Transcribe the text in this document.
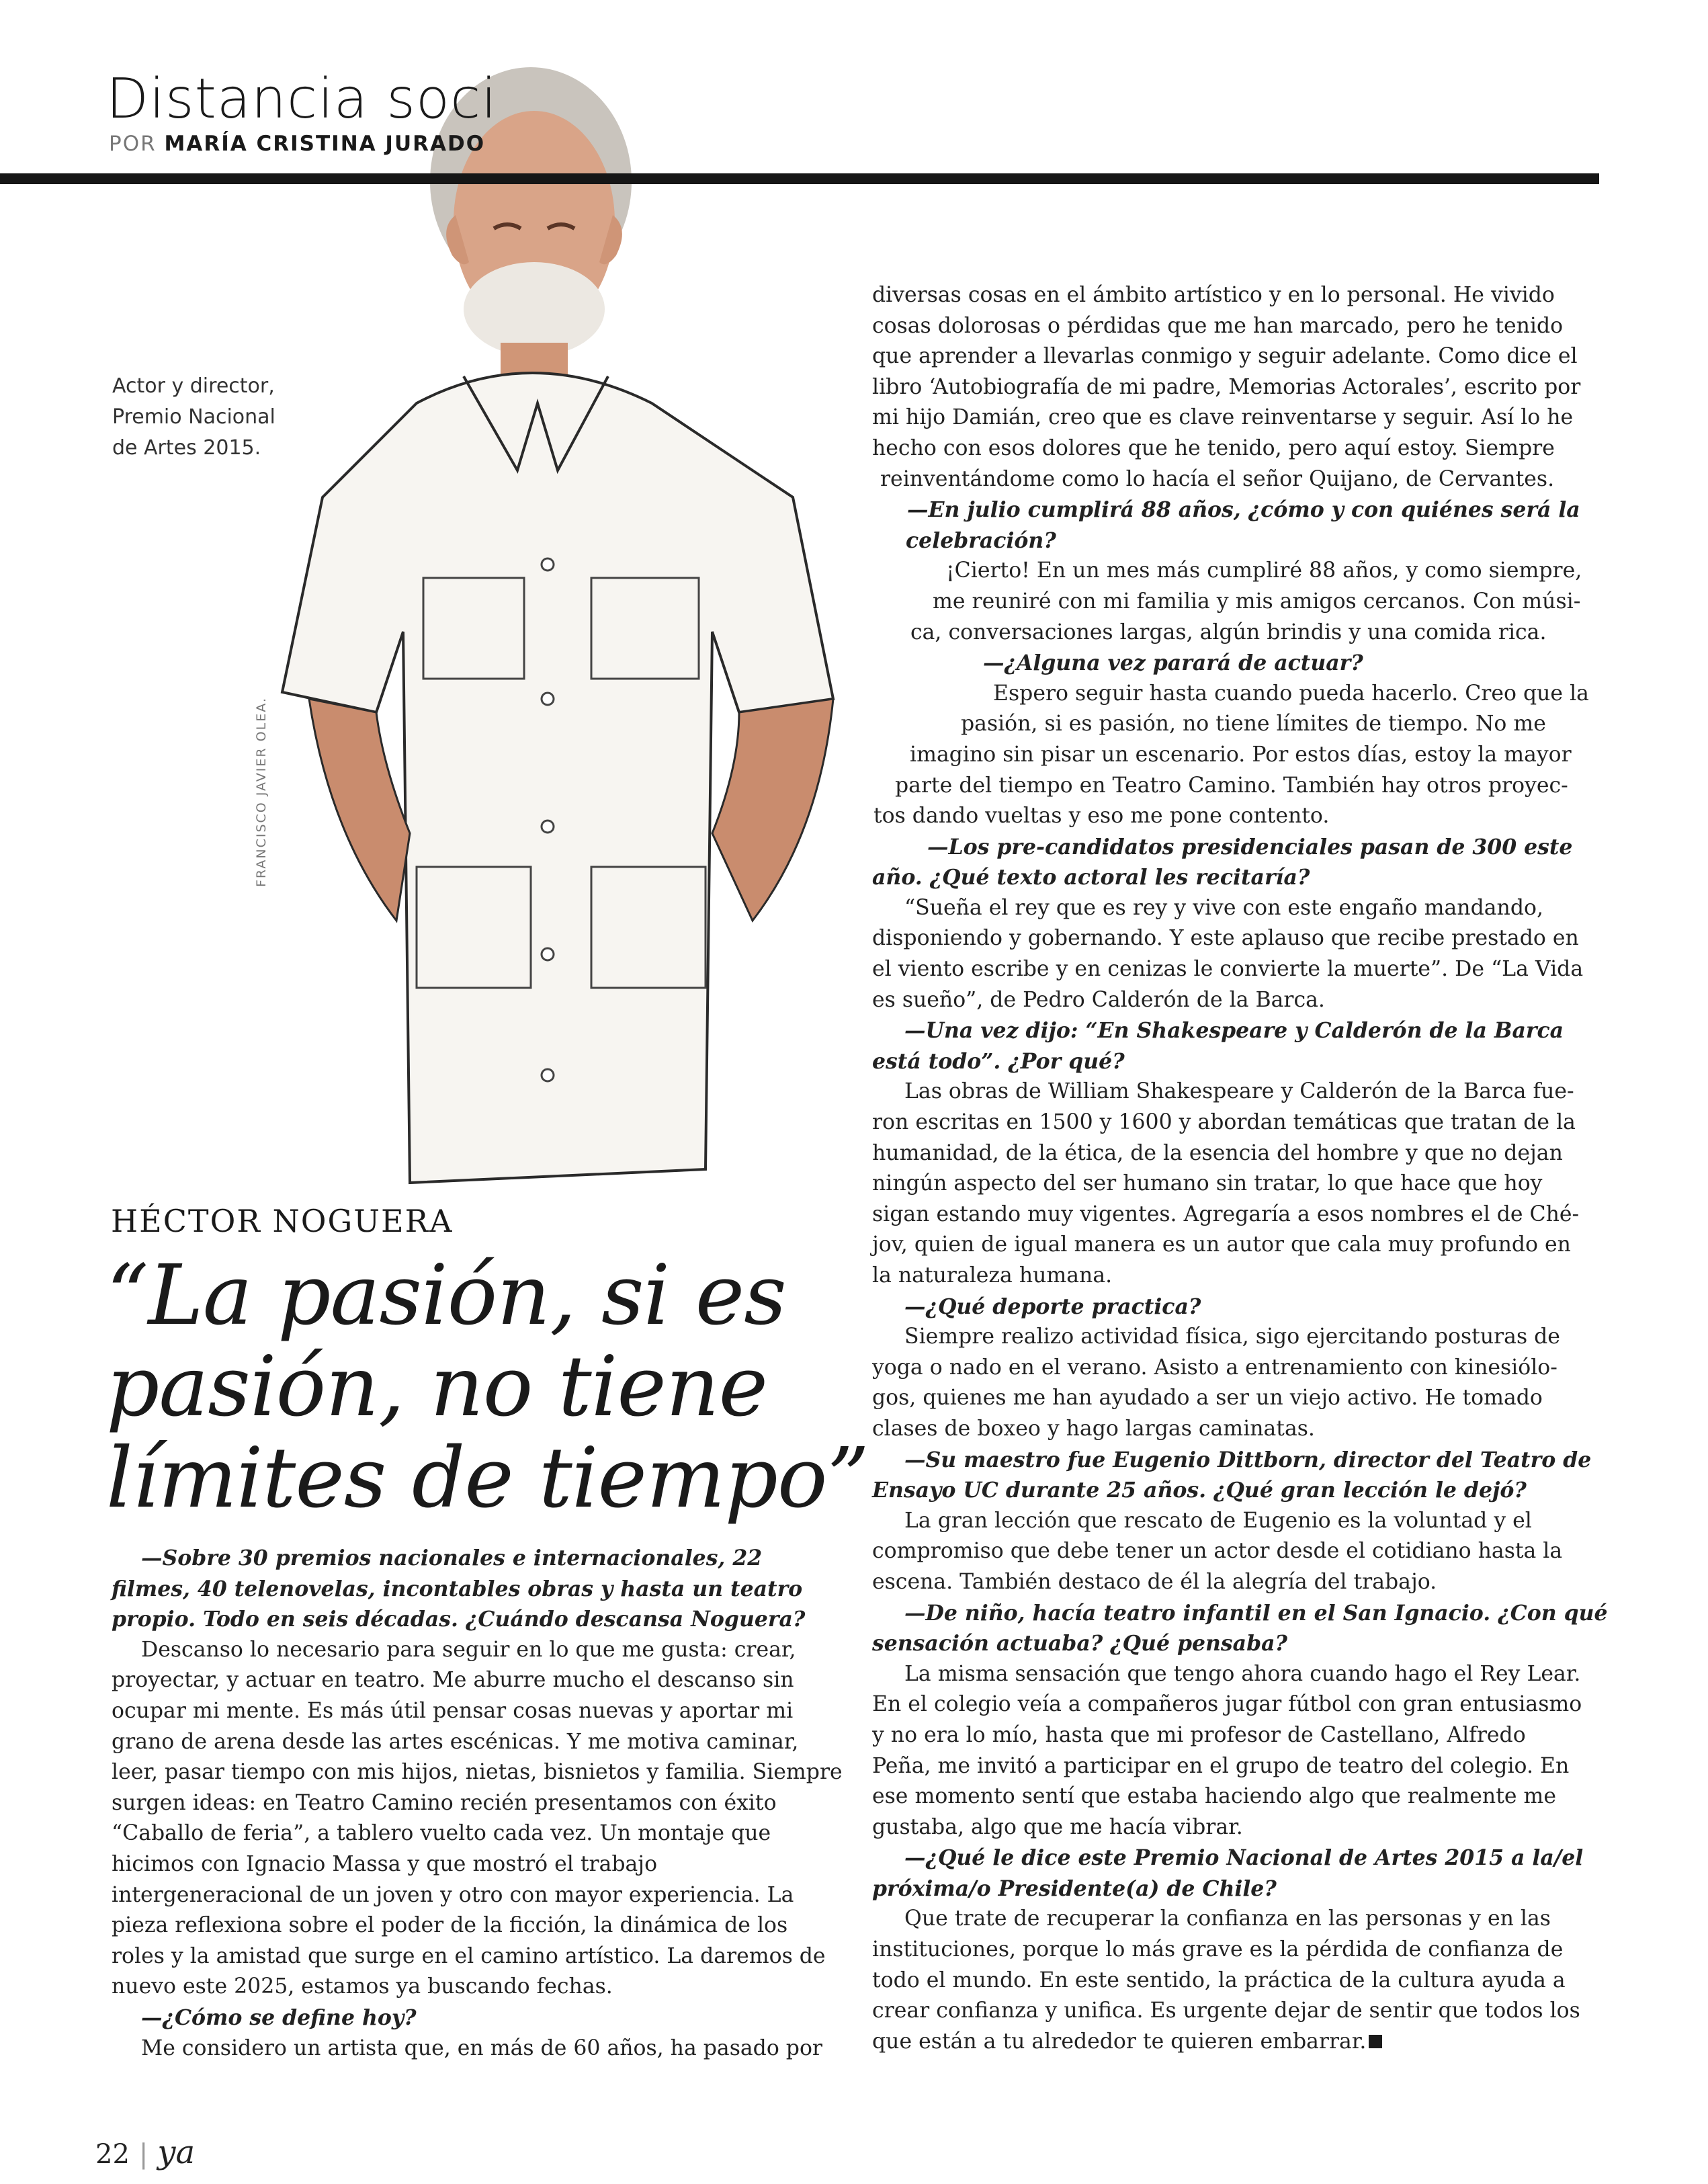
Distancia soci
POR MARÍA CRISTINA JURADO
Actor y director,
Premio Nacional
de Artes 2015.
FRANCISCO JAVIER OLEA.
HÉCTOR NOGUERA
“La pasión, si es
pasión, no tiene
límites de tiempo”

—Sobre 30 premios nacionales e internacionales, 22 filmes, 40 telenovelas, incontables obras y hasta un teatro propio. Todo en seis décadas. ¿Cuándo descansa Noguera?

Descanso lo necesario para seguir en lo que me gusta: crear, proyectar, y actuar en teatro. Me aburre mucho el descanso sin ocupar mi mente. Es más útil pensar cosas nuevas y aportar mi grano de arena desde las artes escénicas. Y me motiva caminar, leer, pasar tiempo con mis hijos, nietas, bisnietos y familia. Siempre surgen ideas: en Teatro Camino recién presentamos con éxito “Caballo de feria”, a tablero vuelto cada vez. Un montaje que hicimos con Ignacio Massa y que mostró el trabajo intergeneracional de un joven y otro con mayor experiencia. La pieza reflexiona sobre el poder de la ficción, la dinámica de los roles y la amistad que surge en el camino artístico. La daremos de nuevo este 2025, estamos ya buscando fechas.

—¿Cómo se define hoy?

Me considero un artista que, en más de 60 años, ha pasado por

diversas cosas en el ámbito artístico y en lo personal. He vivido
cosas dolorosas o pérdidas que me han marcado, pero he tenido
que aprender a llevarlas conmigo y seguir adelante. Como dice el
libro ‘Autobiografía de mi padre, Memorias Actorales’, escrito por
mi hijo Damián, creo que es clave reinventarse y seguir. Así lo he
hecho con esos dolores que he tenido, pero aquí estoy. Siempre
reinventándome como lo hacía el señor Quijano, de Cervantes.
—En julio cumplirá 88 años, ¿cómo y con quiénes será la
celebración?
¡Cierto! En un mes más cumpliré 88 años, y como siempre,
me reuniré con mi familia y mis amigos cercanos. Con músi-
ca, conversaciones largas, algún brindis y una comida rica.
—¿Alguna vez parará de actuar?
Espero seguir hasta cuando pueda hacerlo. Creo que la
pasión, si es pasión, no tiene límites de tiempo. No me
imagino sin pisar un escenario. Por estos días, estoy la mayor
parte del tiempo en Teatro Camino. También hay otros proyec-
tos dando vueltas y eso me pone contento.
—Los pre-candidatos presidenciales pasan de 300 este
año. ¿Qué texto actoral les recitaría?
“Sueña el rey que es rey y vive con este engaño mandando,
disponiendo y gobernando. Y este aplauso que recibe prestado en
el viento escribe y en cenizas le convierte la muerte”. De “La Vida
es sueño”, de Pedro Calderón de la Barca.
—Una vez dijo: “En Shakespeare y Calderón de la Barca
está todo”. ¿Por qué?
Las obras de William Shakespeare y Calderón de la Barca fue-
ron escritas en 1500 y 1600 y abordan temáticas que tratan de la
humanidad, de la ética, de la esencia del hombre y que no dejan
ningún aspecto del ser humano sin tratar, lo que hace que hoy
sigan estando muy vigentes. Agregaría a esos nombres el de Ché-
jov, quien de igual manera es un autor que cala muy profundo en
la naturaleza humana.
—¿Qué deporte practica?
Siempre realizo actividad física, sigo ejercitando posturas de
yoga o nado en el verano. Asisto a entrenamiento con kinesiólo-
gos, quienes me han ayudado a ser un viejo activo. He tomado
clases de boxeo y hago largas caminatas.
—Su maestro fue Eugenio Dittborn, director del Teatro de
Ensayo UC durante 25 años. ¿Qué gran lección le dejó?
La gran lección que rescato de Eugenio es la voluntad y el
compromiso que debe tener un actor desde el cotidiano hasta la
escena. También destaco de él la alegría del trabajo.
—De niño, hacía teatro infantil en el San Ignacio. ¿Con qué
sensación actuaba? ¿Qué pensaba?
La misma sensación que tengo ahora cuando hago el Rey Lear.
En el colegio veía a compañeros jugar fútbol con gran entusiasmo
y no era lo mío, hasta que mi profesor de Castellano, Alfredo
Peña, me invitó a participar en el grupo de teatro del colegio. En
ese momento sentí que estaba haciendo algo que realmente me
gustaba, algo que me hacía vibrar.
—¿Qué le dice este Premio Nacional de Artes 2015 a la/el
próxima/o Presidente(a) de Chile?
Que trate de recuperar la confianza en las personas y en las
instituciones, porque lo más grave es la pérdida de confianza de
todo el mundo. En este sentido, la práctica de la cultura ayuda a
crear confianza y unifica. Es urgente dejar de sentir que todos los
que están a tu alrededor te quieren embarrar.
22 | ya
